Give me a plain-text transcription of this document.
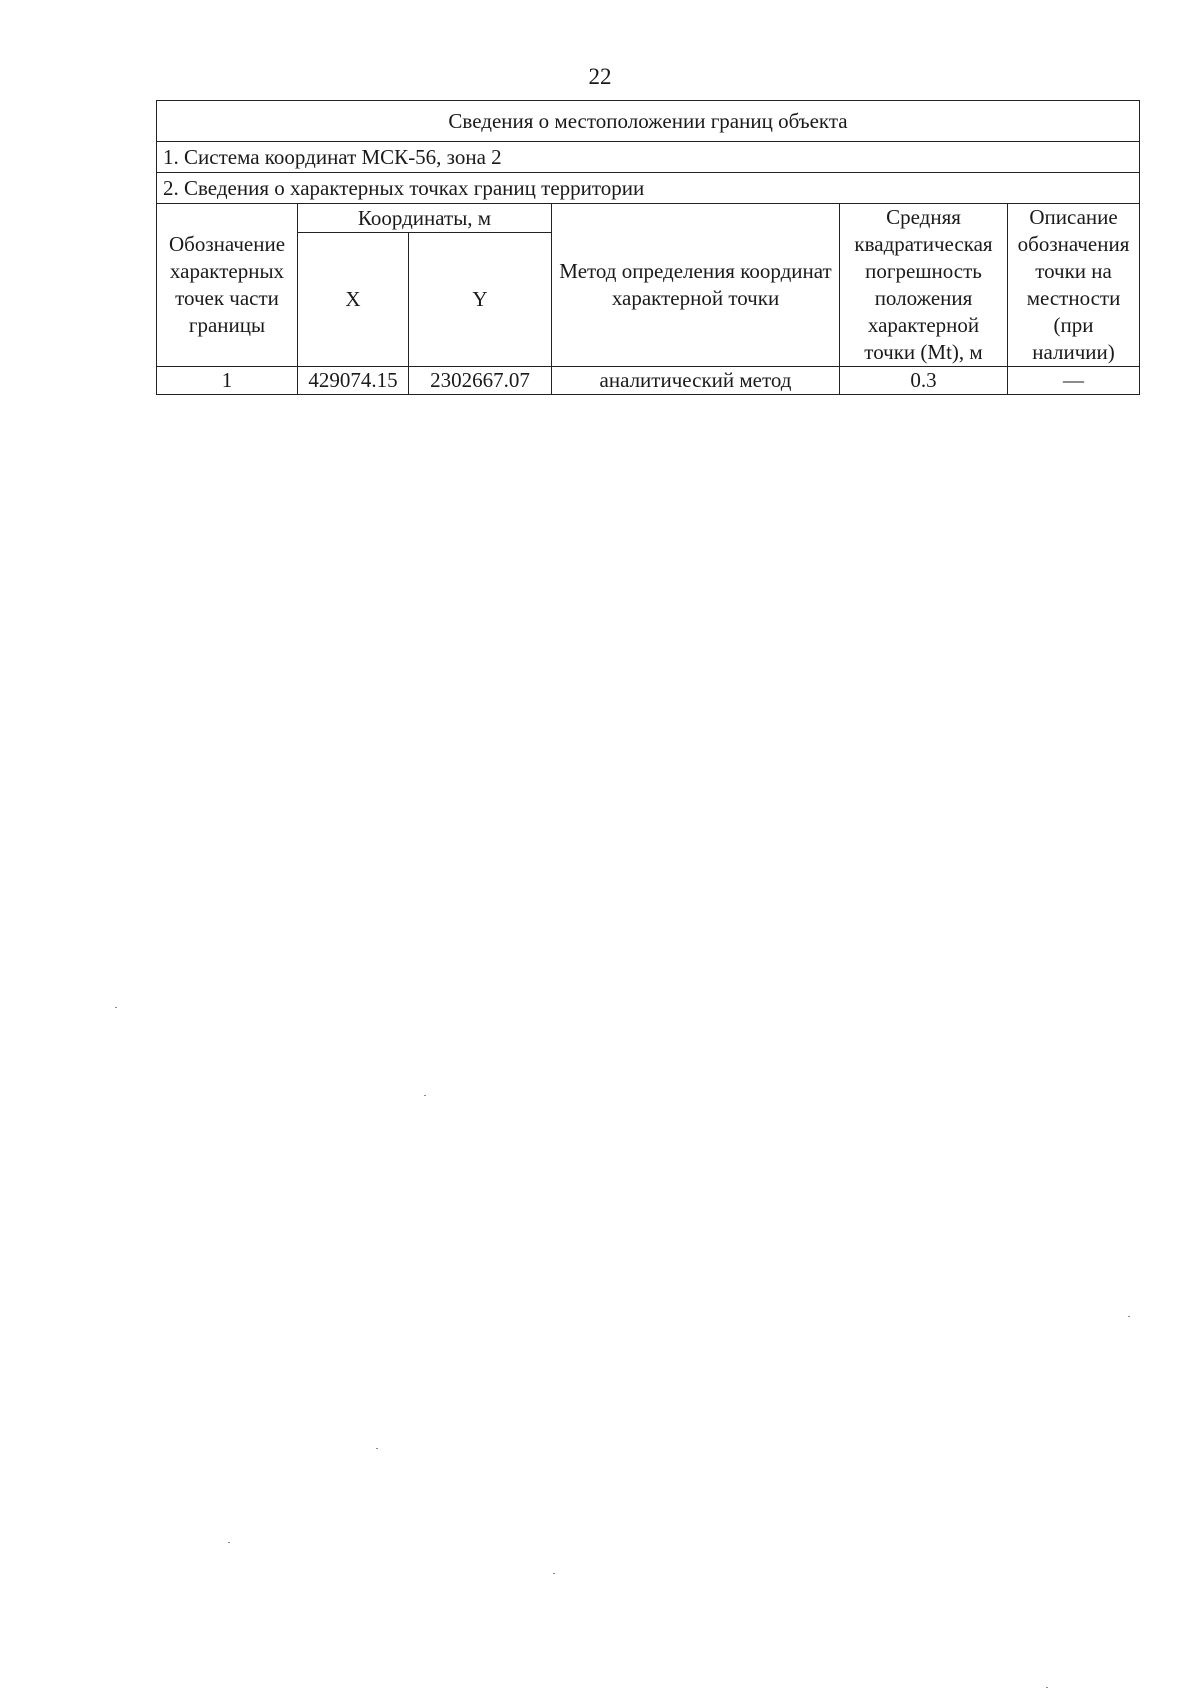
22
Сведения о местоположении границ объекта					
1. Система координат МСК-56, зона 2					
2. Сведения о характерных точках границ территории					
Обозначение характерных точек части границы	Координаты, м		Метод определения координат характерной точки	Средняя квадратическая погрешность положения характерной точки (Mt), м	Описание обозначения точки на местности (при наличии)
	X	Y			
1	429074.15	2302667.07	аналитический метод	0.3	—
